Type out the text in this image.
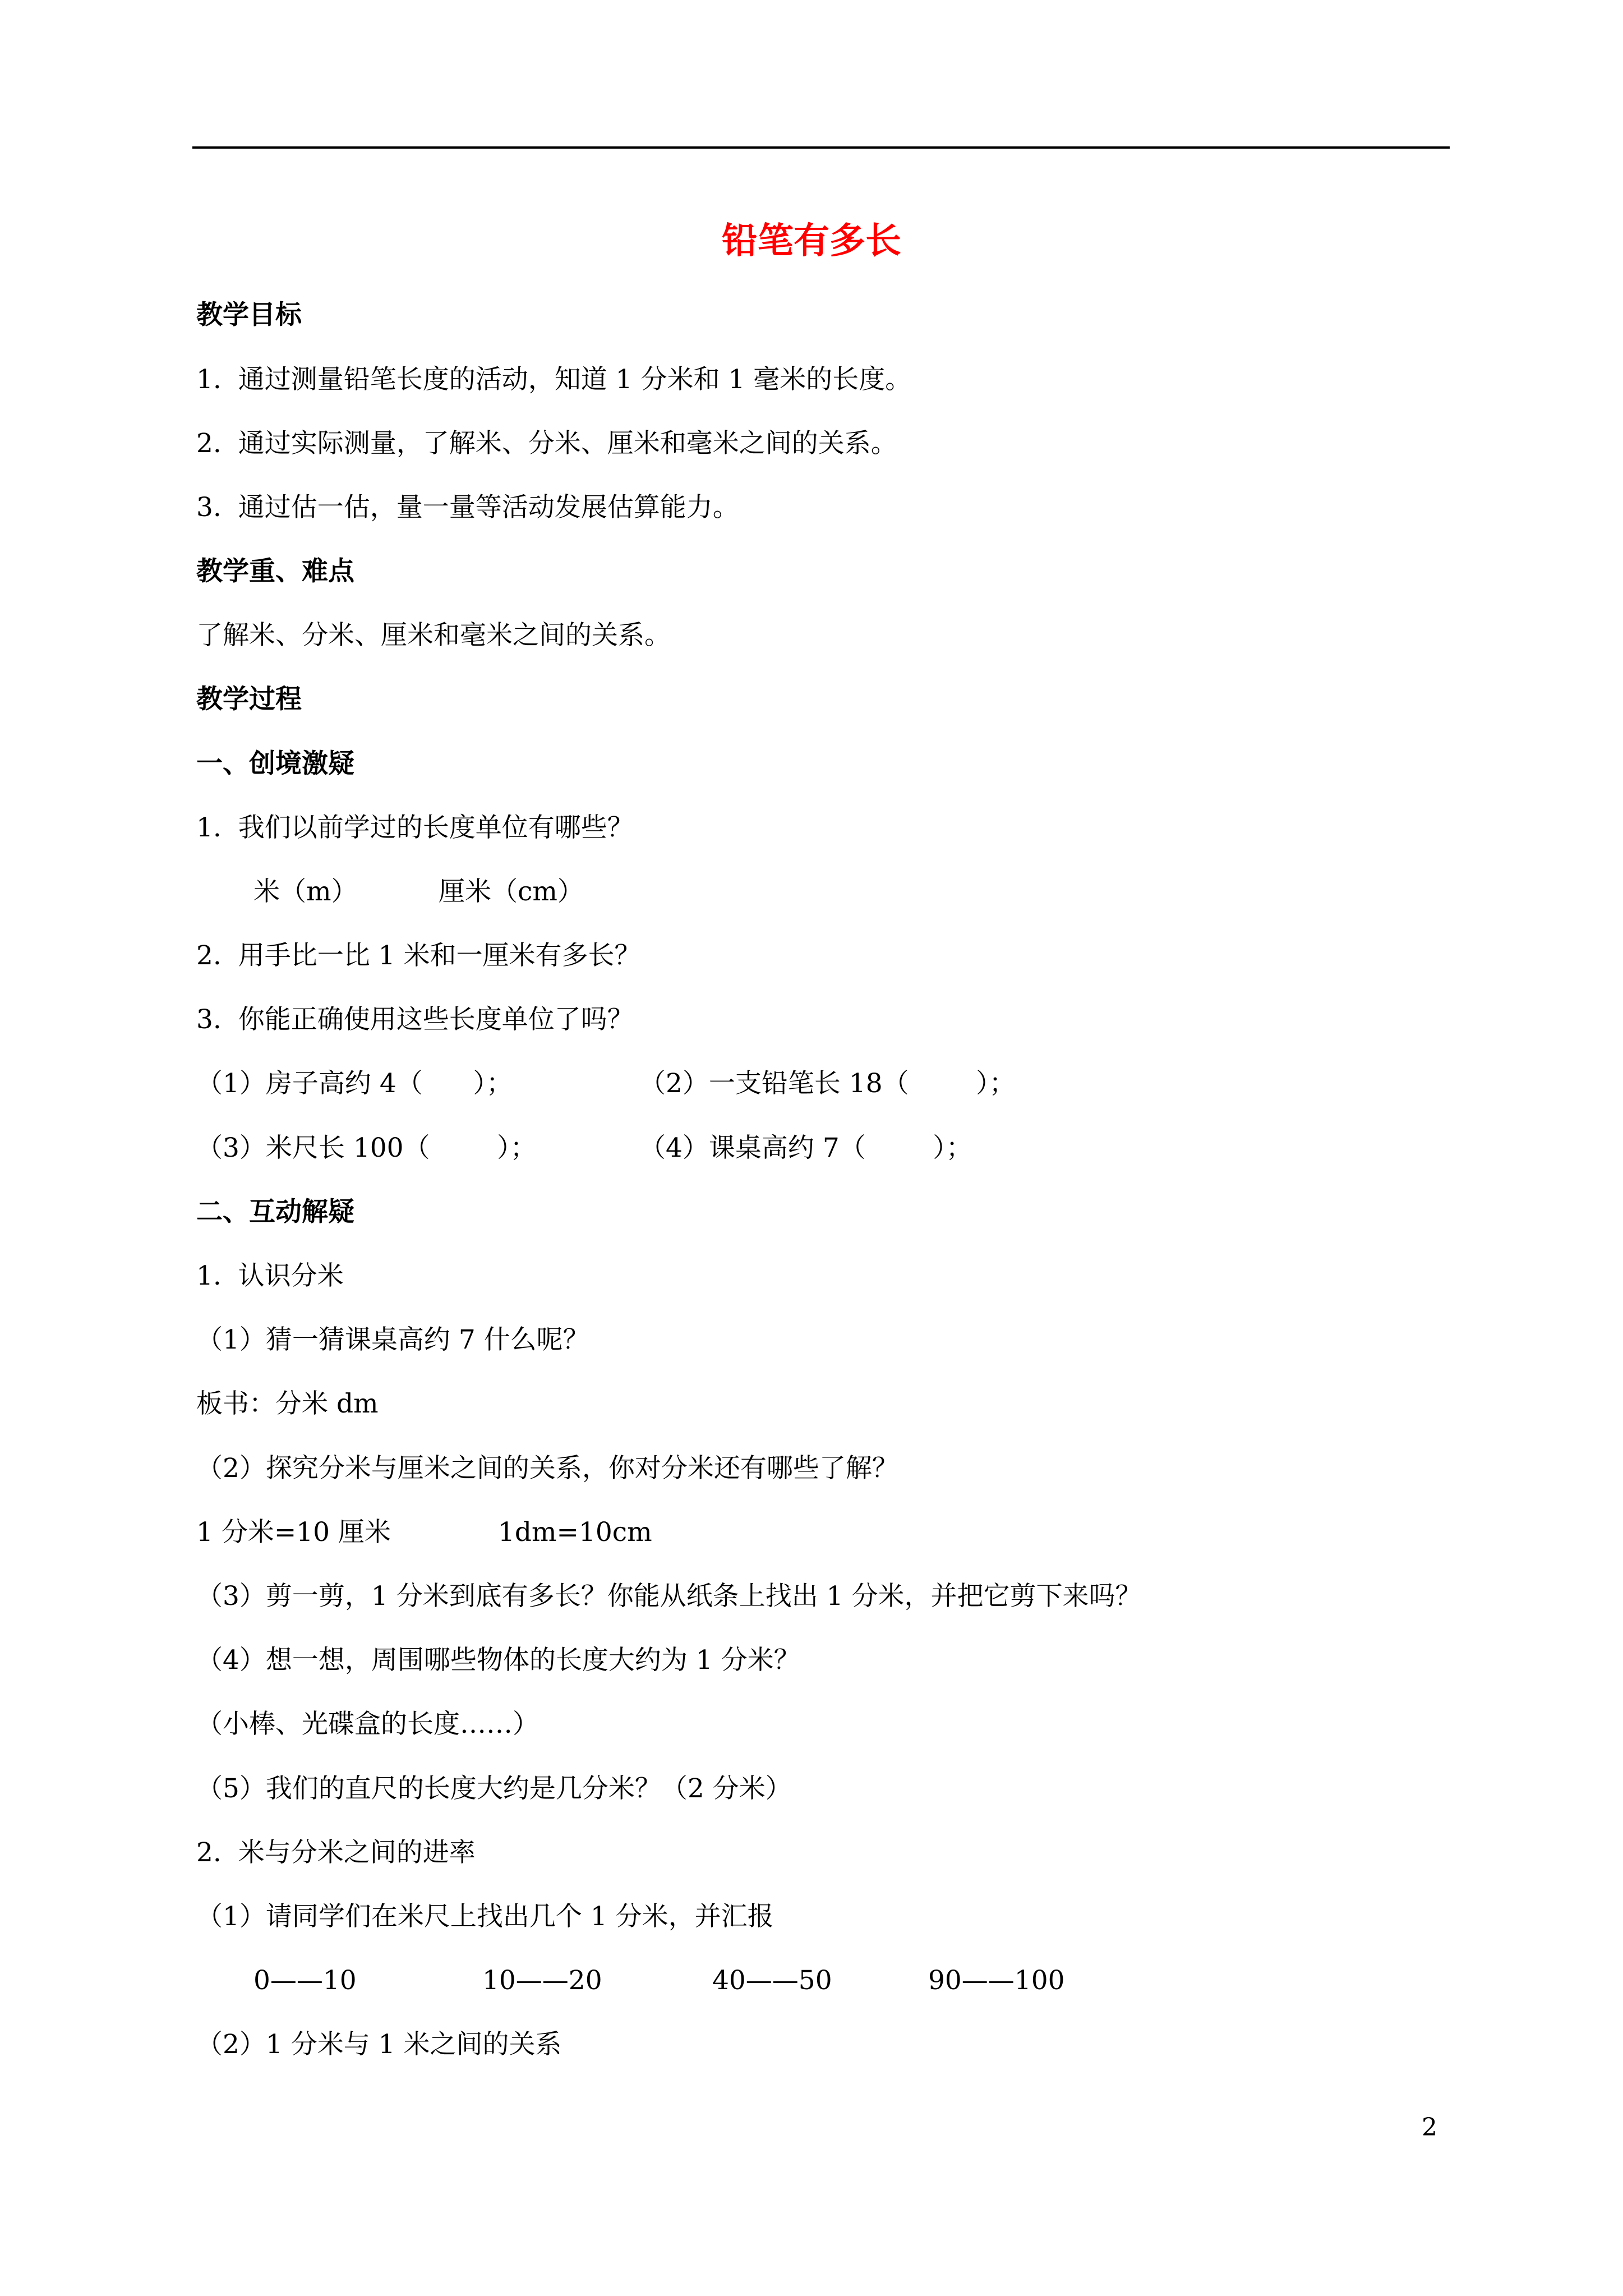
铅笔有多长
教学目标
1.  通过测量铅笔长度的活动，知道 1 分米和 1 毫米的长度。
2.  通过实际测量，了解米、分米、厘米和毫米之间的关系。
3.  通过估一估，量一量等活动发展估算能力。
教学重、难点
了解米、分米、厘米和毫米之间的关系。
教学过程
一、创境激疑
1.  我们以前学过的长度单位有哪些？
米（m）	厘米（cm）
2.  用手比一比 1 米和一厘米有多长？
3.  你能正确使用这些长度单位了吗？
（1）房子高约 4（      ）；	（2）一支铅笔长 18（        ）；
（3）米尺长 100（        ）；	（4）课桌高约 7（        ）；
二、互动解疑
1.  认识分米
（1）猜一猜课桌高约 7 什么呢？
板书：分米 dm
（2）探究分米与厘米之间的关系，你对分米还有哪些了解？
1 分米=10 厘米	1dm=10cm
（3）剪一剪，1 分米到底有多长？你能从纸条上找出 1 分米，并把它剪下来吗？
（4）想一想，周围哪些物体的长度大约为 1 分米？
（小棒、光碟盒的长度……）
（5）我们的直尺的长度大约是几分米？（2 分米）
2.  米与分米之间的进率
（1）请同学们在米尺上找出几个 1 分米，并汇报
0——10	10——20	40——50	90——100
（2）1 分米与 1 米之间的关系
2
